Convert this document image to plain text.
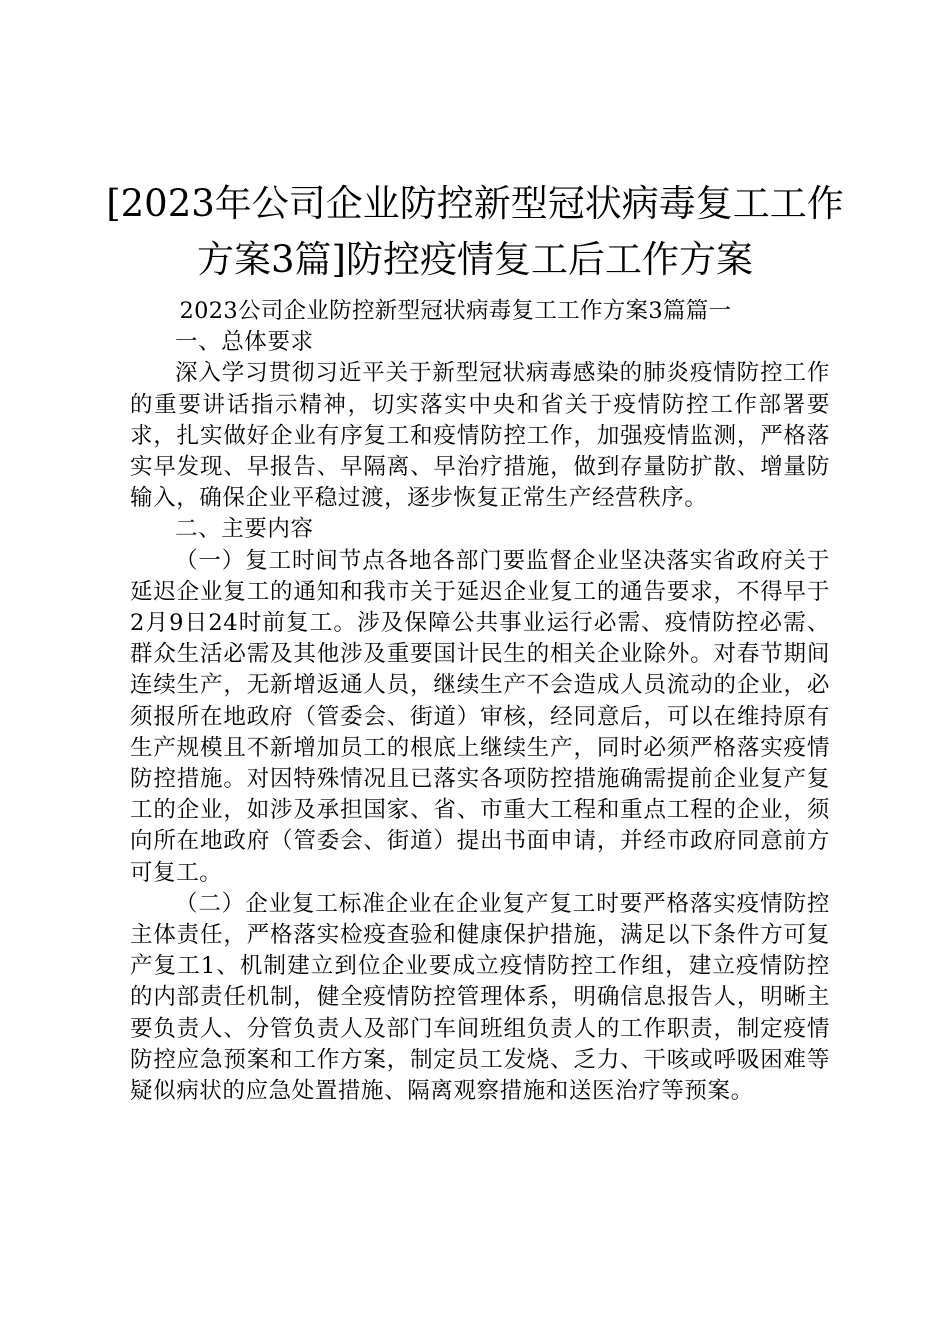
[2023年公司企业防控新型冠状病毒复工工作
方案3篇]防控疫情复工后工作方案

2023公司企业防控新型冠状病毒复工工作方案3篇篇一

一、总体要求

深入学习贯彻习近平关于新型冠状病毒感染的肺炎疫情防控工作的重要讲话指示精神，切实落实中央和省关于疫情防控工作部署要求，扎实做好企业有序复工和疫情防控工作，加强疫情监测，严格落实早发现、早报告、早隔离、早治疗措施，做到存量防扩散、增量防输入，确保企业平稳过渡，逐步恢复正常生产经营秩序。

二、主要内容

（一）复工时间节点各地各部门要监督企业坚决落实省政府关于延迟企业复工的通知和我市关于延迟企业复工的通告要求，不得早于2月9日24时前复工。涉及保障公共事业运行必需、疫情防控必需、群众生活必需及其他涉及重要国计民生的相关企业除外。对春节期间连续生产，无新增返通人员，继续生产不会造成人员流动的企业，必须报所在地政府（管委会、街道）审核，经同意后，可以在维持原有生产规模且不新增加员工的根底上继续生产，同时必须严格落实疫情防控措施。对因特殊情况且已落实各项防控措施确需提前企业复产复工的企业，如涉及承担国家、省、市重大工程和重点工程的企业，须向所在地政府（管委会、街道）提出书面申请，并经市政府同意前方可复工。

（二）企业复工标准企业在企业复产复工时要严格落实疫情防控主体责任，严格落实检疫查验和健康保护措施，满足以下条件方可复产复工1、机制建立到位企业要成立疫情防控工作组，建立疫情防控的内部责任机制，健全疫情防控管理体系，明确信息报告人，明晰主要负责人、分管负责人及部门车间班组负责人的工作职责，制定疫情防控应急预案和工作方案，制定员工发烧、乏力、干咳或呼吸困难等疑似病状的应急处置措施、隔离观察措施和送医治疗等预案。
